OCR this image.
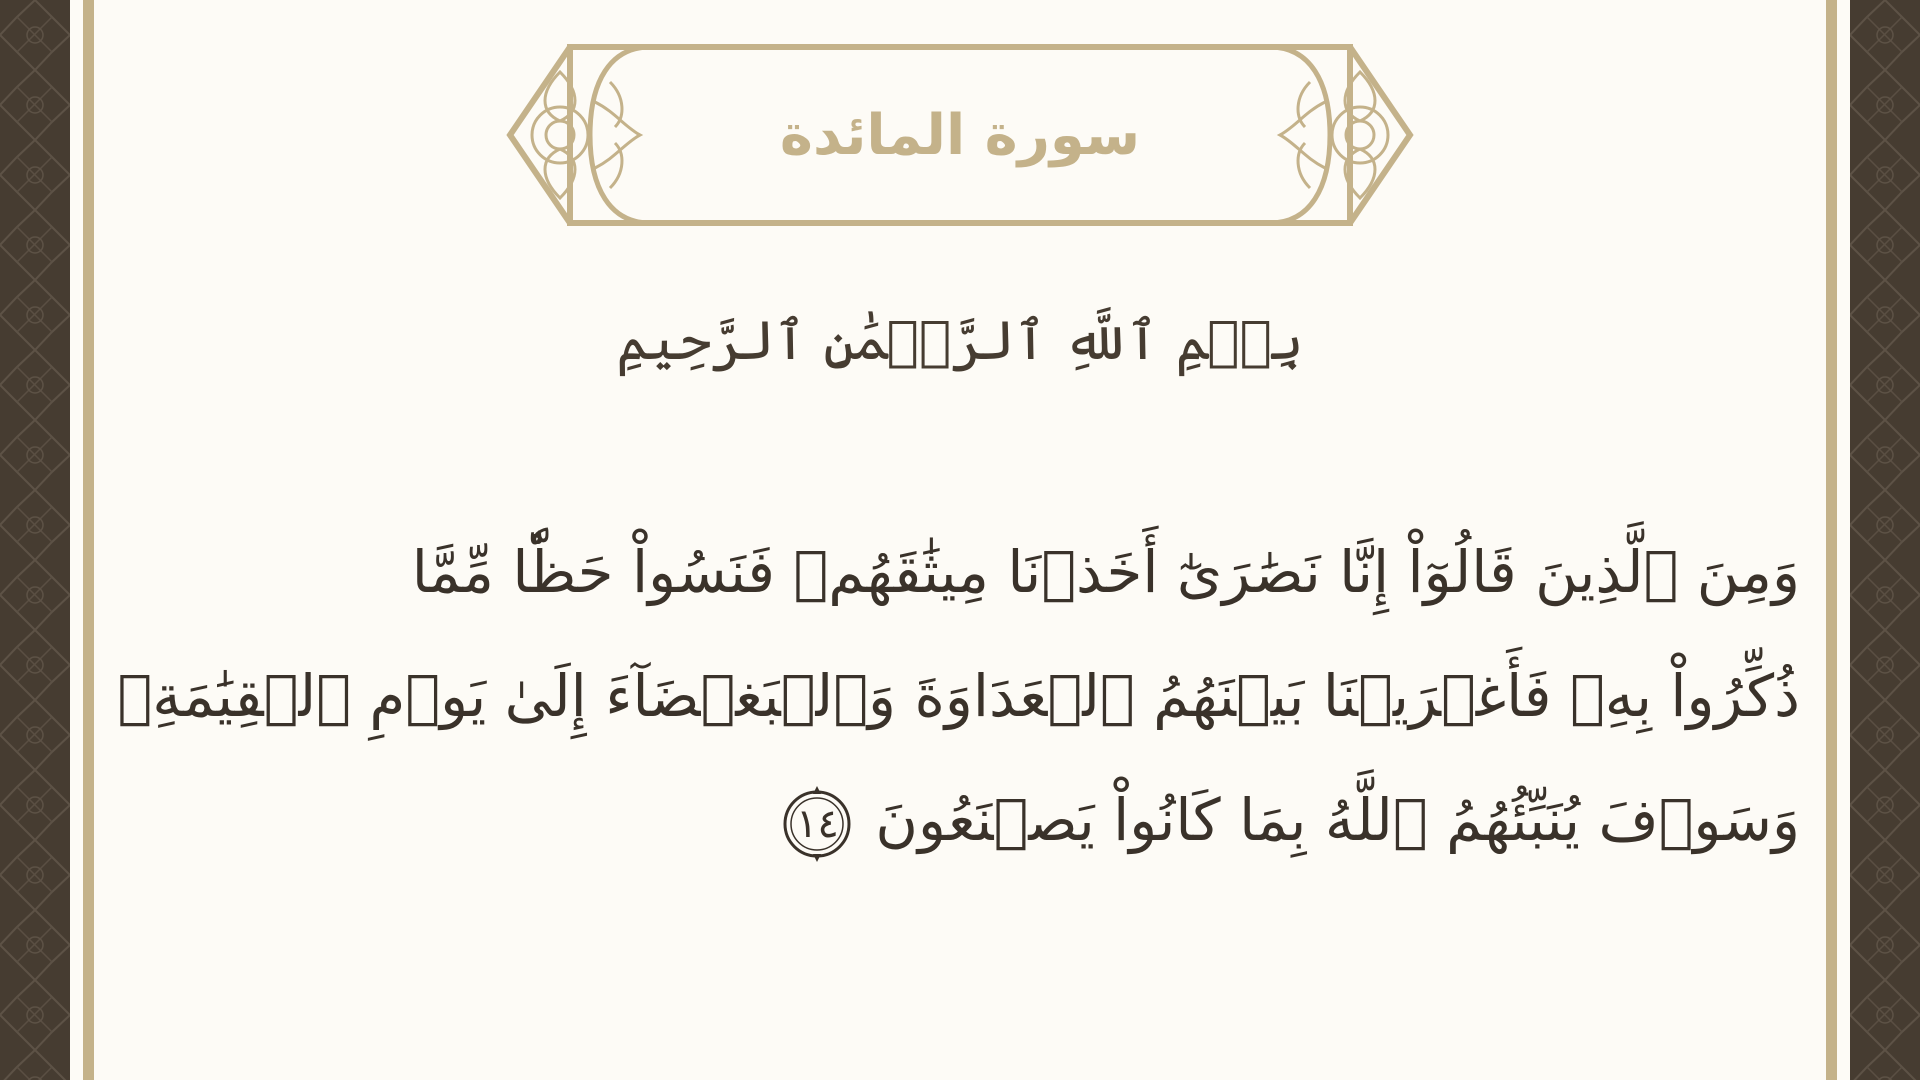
سورة المائدة
بِسۡمِ ٱللَّهِ ٱلرَّحۡمَٰنِ ٱلرَّحِيمِ
وَمِنَ ٱلَّذِينَ قَالُوٓاْ إِنَّا نَصَٰرَىٰٓ أَخَذۡنَا مِيثَٰقَهُمۡ فَنَسُواْ حَظّٗا مِّمَّا
ذُكِّرُواْ بِهِۦ فَأَغۡرَيۡنَا بَيۡنَهُمُ ٱلۡعَدَاوَةَ وَٱلۡبَغۡضَآءَ إِلَىٰ يَوۡمِ ٱلۡقِيَٰمَةِۚ
وَسَوۡفَ يُنَبِّئُهُمُ ٱللَّهُ بِمَا كَانُواْ يَصۡنَعُونَ
١٤
